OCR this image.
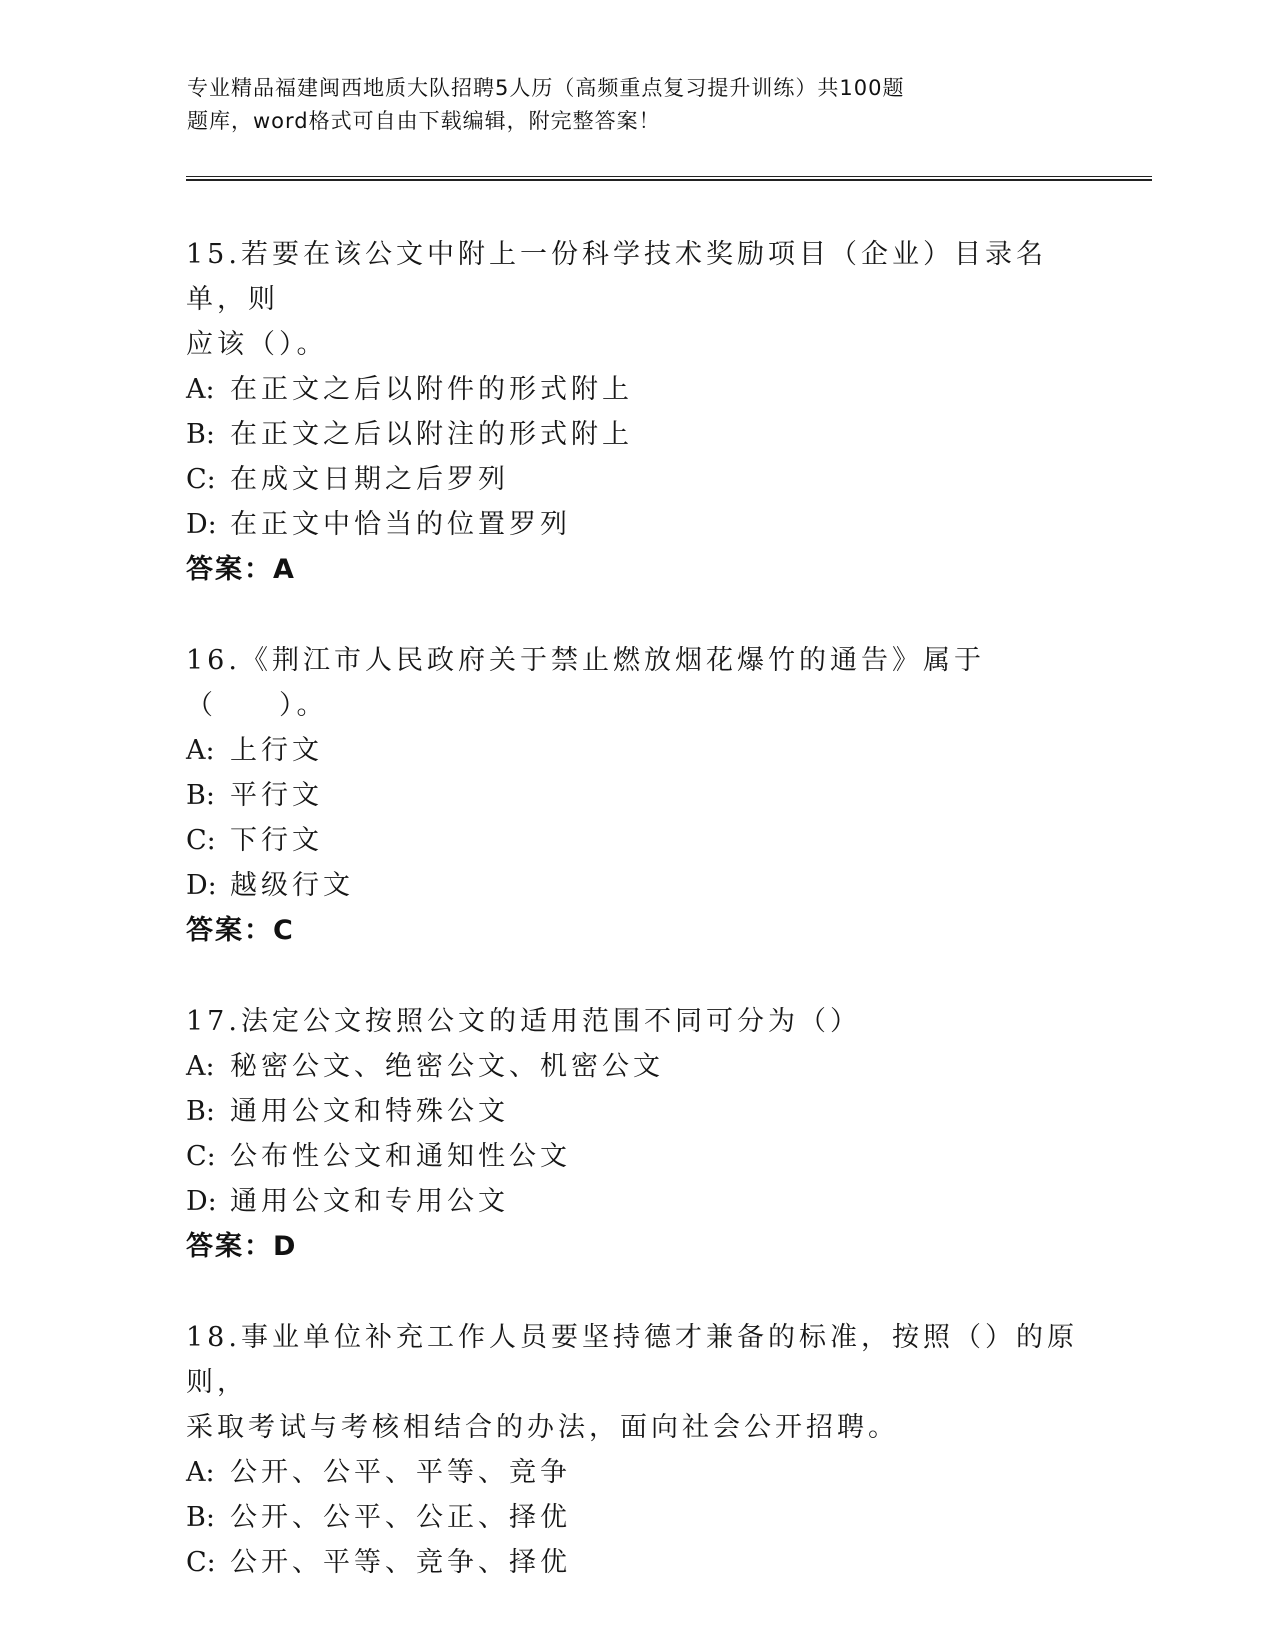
专业精品福建闽西地质大队招聘5人历（高频重点复习提升训练）共100题
题库，word格式可自由下载编辑，附完整答案！
15.若要在该公文中附上一份科学技术奖励项目（企业）目录名单，则
应该（）。
A: 在正文之后以附件的形式附上
B: 在正文之后以附注的形式附上
C: 在成文日期之后罗列
D: 在正文中恰当的位置罗列
答案：A
16.《荆江市人民政府关于禁止燃放烟花爆竹的通告》属于（　　）。
A: 上行文
B: 平行文
C: 下行文
D: 越级行文
答案：C
17.法定公文按照公文的适用范围不同可分为（）
A: 秘密公文、绝密公文、机密公文
B: 通用公文和特殊公文
C: 公布性公文和通知性公文
D: 通用公文和专用公文
答案：D
18.事业单位补充工作人员要坚持德才兼备的标准，按照（）的原则，
采取考试与考核相结合的办法，面向社会公开招聘。
A: 公开、公平、平等、竞争
B: 公开、公平、公正、择优
C: 公开、平等、竞争、择优
